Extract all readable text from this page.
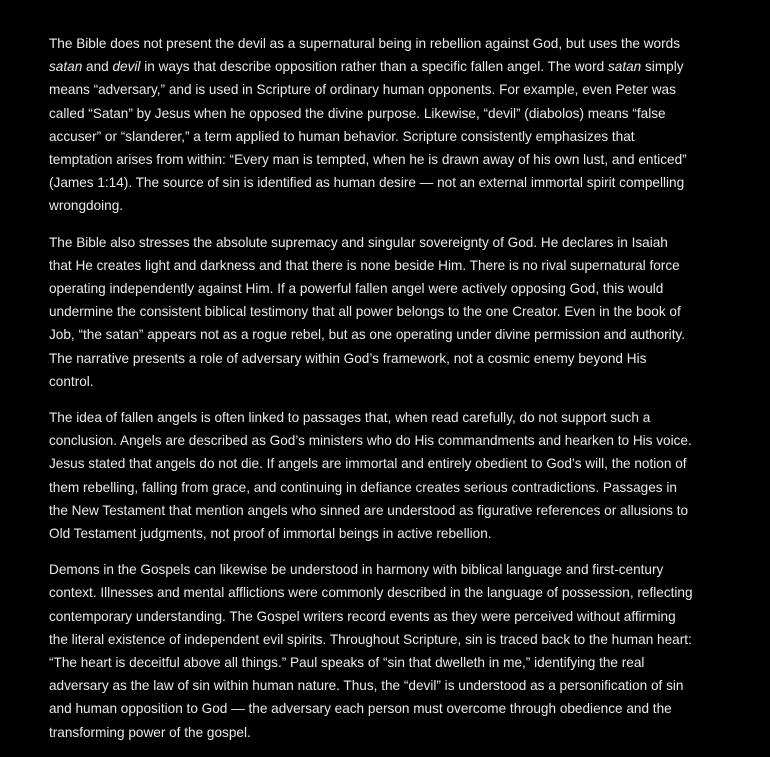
The Bible does not present the devil as a supernatural being in rebellion against God, but uses the words satan and devil in ways that describe opposition rather than a specific fallen angel. The word satan simply means “adversary,” and is used in Scripture of ordinary human opponents. For example, even Peter was called “Satan” by Jesus when he opposed the divine purpose. Likewise, “devil” (diabolos) means “false accuser” or “slanderer,” a term applied to human behavior. Scripture consistently emphasizes that temptation arises from within: “Every man is tempted, when he is drawn away of his own lust, and enticed” (James 1:14). The source of sin is identified as human desire — not an external immortal spirit compelling wrongdoing.

The Bible also stresses the absolute supremacy and singular sovereignty of God. He declares in Isaiah that He creates light and darkness and that there is none beside Him. There is no rival supernatural force operating independently against Him. If a powerful fallen angel were actively opposing God, this would undermine the consistent biblical testimony that all power belongs to the one Creator. Even in the book of Job, “the satan” appears not as a rogue rebel, but as one operating under divine permission and authority. The narrative presents a role of adversary within God’s framework, not a cosmic enemy beyond His control.

The idea of fallen angels is often linked to passages that, when read carefully, do not support such a conclusion. Angels are described as God’s ministers who do His commandments and hearken to His voice. Jesus stated that angels do not die. If angels are immortal and entirely obedient to God’s will, the notion of them rebelling, falling from grace, and continuing in defiance creates serious contradictions. Passages in the New Testament that mention angels who sinned are understood as figurative references or allusions to Old Testament judgments, not proof of immortal beings in active rebellion.

Demons in the Gospels can likewise be understood in harmony with biblical language and first-century context. Illnesses and mental afflictions were commonly described in the language of possession, reflecting contemporary understanding. The Gospel writers record events as they were perceived without affirming the literal existence of independent evil spirits. Throughout Scripture, sin is traced back to the human heart: “The heart is deceitful above all things.” Paul speaks of “sin that dwelleth in me,” identifying the real adversary as the law of sin within human nature. Thus, the “devil” is understood as a personification of sin and human opposition to God — the adversary each person must overcome through obedience and the transforming power of the gospel.
